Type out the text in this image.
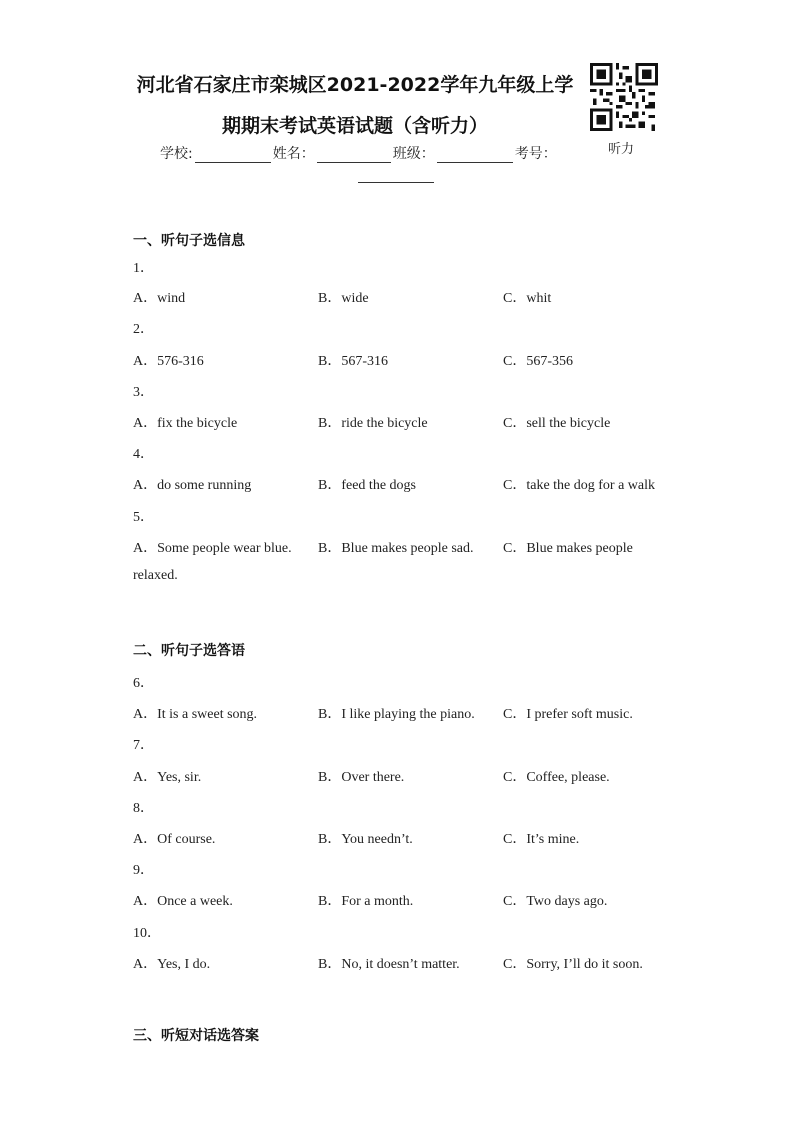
河北省石家庄市栾城区2021-2022学年九年级上学
期期末考试英语试题（含听力）
学校:	姓名：	班级：	考号：	听力
一、听句子选信息
1．
A．wind	B．wide	C．whit
2．
A．576-316	B．567-316	C．567-356
3．
A．fix the bicycle	B．ride the bicycle	C．sell the bicycle
4．
A．do some running	B．feed the dogs	C．take the dog for a walk
5．
A．Some people wear blue. B．Blue makes people sad. C．Blue makes people
relaxed.
二、听句子选答语
6．
A．It is a sweet song.	B．I like playing the piano. C．I prefer soft music.
7．
A．Yes, sir.	B．Over there.	C．Coffee, please.
8．
A．Of course.	B．You needn’t.	C．It’s mine.
9．
A．Once a week.	B．For a month.	C．Two days ago.
10．
A．Yes, I do.	B．No, it doesn’t matter.	C．Sorry, I’ll do it soon.
三、听短对话选答案
